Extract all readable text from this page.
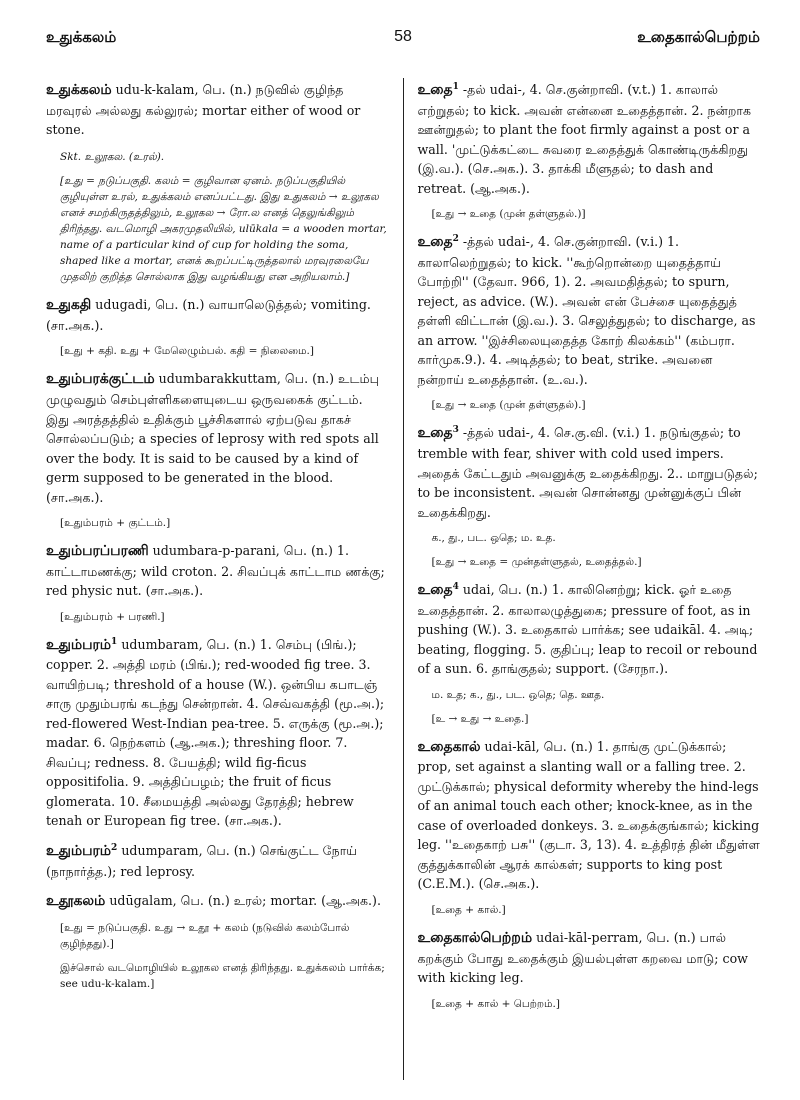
உதுக்கலம்	58	உதைகால்பெற்றம்
உதுக்கலம் udu-k-kalam, பெ. (n.) நடுவில் குழிந்த மரவுரல் அல்லது கல்லுரல்; mortar either of wood or stone.
Skt. உலூகல. (உரல்).
[உது = நடுப்பகுதி. கலம் = குழிவான ஏனம். நடுப்பகுதியில் குழியுள்ள உரல், உதுக்கலம் எனப்பட்டது. இது உதுகலம் → உலூகல எனச் சமற்கிருதத்திலும், உலூகல → ரோ.ல எனத் தெலுங்கிலும் திரிந்தது. வடமொழி அகரமுதலியில், ulūkala = a wooden mortar, name of a particular kind of cup for holding the soma, shaped like a mortar, எனக் கூறப்பட்டிருத்தலால் மரவுரலையே முதலிற் குறித்த சொல்லாக இது வழங்கியது என அறியலாம்.]
உதுகதி udugadi, பெ. (n.) வாயாலெடுத்தல்; vomiting. (சா.அக.).
[உது + கதி. உது + மேலெழும்பல். கதி = நிலைமை.]
உதும்பரக்குட்டம் udumbarakkuttam, பெ. (n.) உடம்பு முழுவதும் செம்புள்ளிகளையுடைய ஒருவகைக் குட்டம். இது அரத்தத்தில் உதிக்கும் பூச்சிகளால் ஏற்படுவ தாகச் சொல்லப்படும்; a species of leprosy with red spots all over the body. It is said to be caused by a kind of germ supposed to be generated in the blood. (சா.அக.).
[உதும்பரம் + குட்டம்.]
உதும்பரப்பரணி udumbara-p-parani, பெ. (n.) 1. காட்டாமணக்கு; wild croton. 2. சிவப்புக் காட்டாம ணக்கு; red physic nut. (சா.அக.).
[உதும்பரம் + பரணி.]
உதும்பரம்$^1$ udumbaram, பெ. (n.) 1. செம்பு (பிங்.); copper. 2. அத்தி மரம் (பிங்.); red-wooded fig tree. 3. வாயிற்படி; threshold of a house (W.). ஒன்பிய கபாடஞ் சாரு முதும்பரங் கடந்து சென்றான். 4. செவ்வகத்தி (மூ.அ.); red-flowered West-Indian pea-tree. 5. எருக்கு (மூ.அ.); madar. 6. நெற்களம் (ஆ.அக.); threshing floor. 7. சிவப்பு; redness. 8. பேயத்தி; wild fig-ficus oppositifolia. 9. அத்திப்பழம்; the fruit of ficus glomerata. 10. சீமையத்தி அல்லது தேரத்தி; hebrew tenah or European fig tree. (சா.அக.).
உதும்பரம்$^2$ udumparam, பெ. (n.) செங்குட்ட நோய் (நாநார்த்த.); red leprosy.
உதூகலம் udūgalam, பெ. (n.) உரல்; mortar. (ஆ.அக.).
[உது = நடுப்பகுதி. உது → உதூ + கலம் (நடுவில் கலம்போல் குழிந்தது).]
இச்சொல் வடமொழியில் உலூகல எனத் திரிந்தது. உதுக்கலம் பார்க்க; see udu-k-kalam.]
உதை$^1$ -தல் udai-, 4. செ.குன்றாவி. (v.t.) 1. காலால் எற்றுதல்; to kick. அவன் என்னை உதைத்தான். 2. நன்றாக ஊன்றுதல்; to plant the foot firmly against a post or a wall. 'முட்டுக்கட்டை சுவரை உதைத்துக் கொண்டிருக்கிறது (இ.வ.). (செ.அக.). 3. தாக்கி மீளுதல்; to dash and retreat. (ஆ.அக.).
[உது → உதை (முன் தள்ளுதல்.)]
உதை$^2$ -த்தல் udai-, 4. செ.குன்றாவி. (v.i.) 1. காலாலெற்றுதல்; to kick. ''கூற்றொன்றை யுதைத்தாய் போற்றி'' (தேவா. 966, 1). 2. அவமதித்தல்; to spurn, reject, as advice. (W.). அவன் என் பேச்சை யுதைத்துத் தள்ளி விட்டான் (இ.வ.). 3. செலுத்துதல்; to discharge, as an arrow. ''இச்சிலையுதைத்த கோற் கிலக்கம்'' (கம்பரா. கார்முக.9.). 4. அடித்தல்; to beat, strike. அவனை நன்றாய் உதைத்தான். (உ.வ.).
[உது → உதை (முன் தள்ளுதல்).]
உதை$^3$ -த்தல் udai-, 4. செ.கு.வி. (v.i.) 1. நடுங்குதல்; to tremble with fear, shiver with cold used impers. அதைக் கேட்டதும் அவனுக்கு உதைக்கிறது. 2.. மாறுபடுதல்; to be inconsistent. அவன் சொன்னது முன்னுக்குப் பின் உதைக்கிறது.
க., து., பட. ஒதெ; ம. உத.
[உது → உதை = முன்தள்ளுதல், உதைத்தல்.]
உதை$^4$ udai, பெ. (n.) 1. காலினெற்று; kick. ஓர் உதை உதைத்தான். 2. காலாலழுத்துகை; pressure of foot, as in pushing (W.). 3. உதைகால் பார்க்க; see udaikāl. 4. அடி; beating, flogging. 5. குதிப்பு; leap to recoil or rebound of a sun. 6. தாங்குதல்; support. (சேரநா.).
ம. உத; க., து., பட. ஒதெ; தெ. ஊத.
[உ → உது → உதை.]
உதைகால் udai-kāl, பெ. (n.) 1. தாங்கு முட்டுக்கால்; prop, set against a slanting wall or a falling tree. 2. முட்டுக்கால்; physical deformity whereby the hind-legs of an animal touch each other; knock-knee, as in the case of overloaded donkeys. 3. உதைக்குங்கால்; kicking leg. ''உதைகாற் பசு'' (குடா. 3, 13). 4. உத்திரத் தின் மீதுள்ள குத்துக்காலின் ஆரக் கால்கள்; supports to king post (C.E.M.). (செ.அக.).
[உதை + கால்.]
உதைகால்பெற்றம் udai-kāl-perram, பெ. (n.) பால் கறக்கும் போது உதைக்கும் இயல்புள்ள கறவை மாடு; cow with kicking leg.
[உதை + கால் + பெற்றம்.]
